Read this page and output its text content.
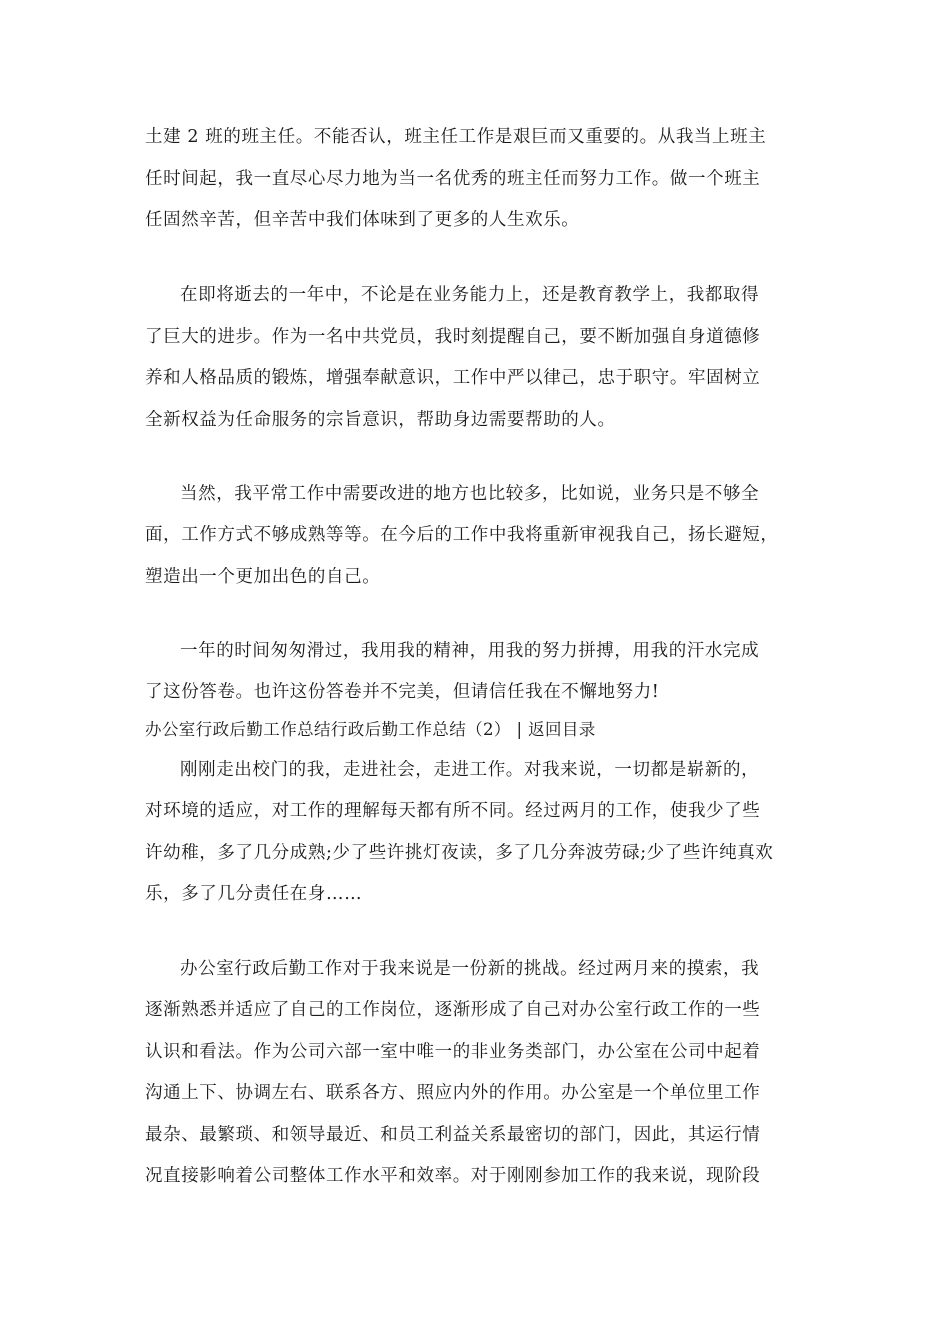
土建 2 班的班主任。不能否认，班主任工作是艰巨而又重要的。从我当上班主
任时间起，我一直尽心尽力地为当一名优秀的班主任而努力工作。做一个班主
任固然辛苦，但辛苦中我们体味到了更多的人生欢乐。
在即将逝去的一年中，不论是在业务能力上，还是教育教学上，我都取得
了巨大的进步。作为一名中共党员，我时刻提醒自己，要不断加强自身道德修
养和人格品质的锻炼，增强奉献意识，工作中严以律己，忠于职守。牢固树立
全新权益为任命服务的宗旨意识，帮助身边需要帮助的人。
当然，我平常工作中需要改进的地方也比较多，比如说，业务只是不够全
面，工作方式不够成熟等等。在今后的工作中我将重新审视我自己，扬长避短，
塑造出一个更加出色的自己。
一年的时间匆匆滑过，我用我的精神，用我的努力拼搏，用我的汗水完成
了这份答卷。也许这份答卷并不完美，但请信任我在不懈地努力!
办公室行政后勤工作总结行政后勤工作总结（2） | 返回目录
刚刚走出校门的我，走进社会，走进工作。对我来说，一切都是崭新的，
对环境的适应，对工作的理解每天都有所不同。经过两月的工作，使我少了些
许幼稚，多了几分成熟;少了些许挑灯夜读，多了几分奔波劳碌;少了些许纯真欢
乐，多了几分责任在身……
办公室行政后勤工作对于我来说是一份新的挑战。经过两月来的摸索，我
逐渐熟悉并适应了自己的工作岗位，逐渐形成了自己对办公室行政工作的一些
认识和看法。作为公司六部一室中唯一的非业务类部门，办公室在公司中起着
沟通上下、协调左右、联系各方、照应内外的作用。办公室是一个单位里工作
最杂、最繁琐、和领导最近、和员工利益关系最密切的部门，因此，其运行情
况直接影响着公司整体工作水平和效率。对于刚刚参加工作的我来说，现阶段
